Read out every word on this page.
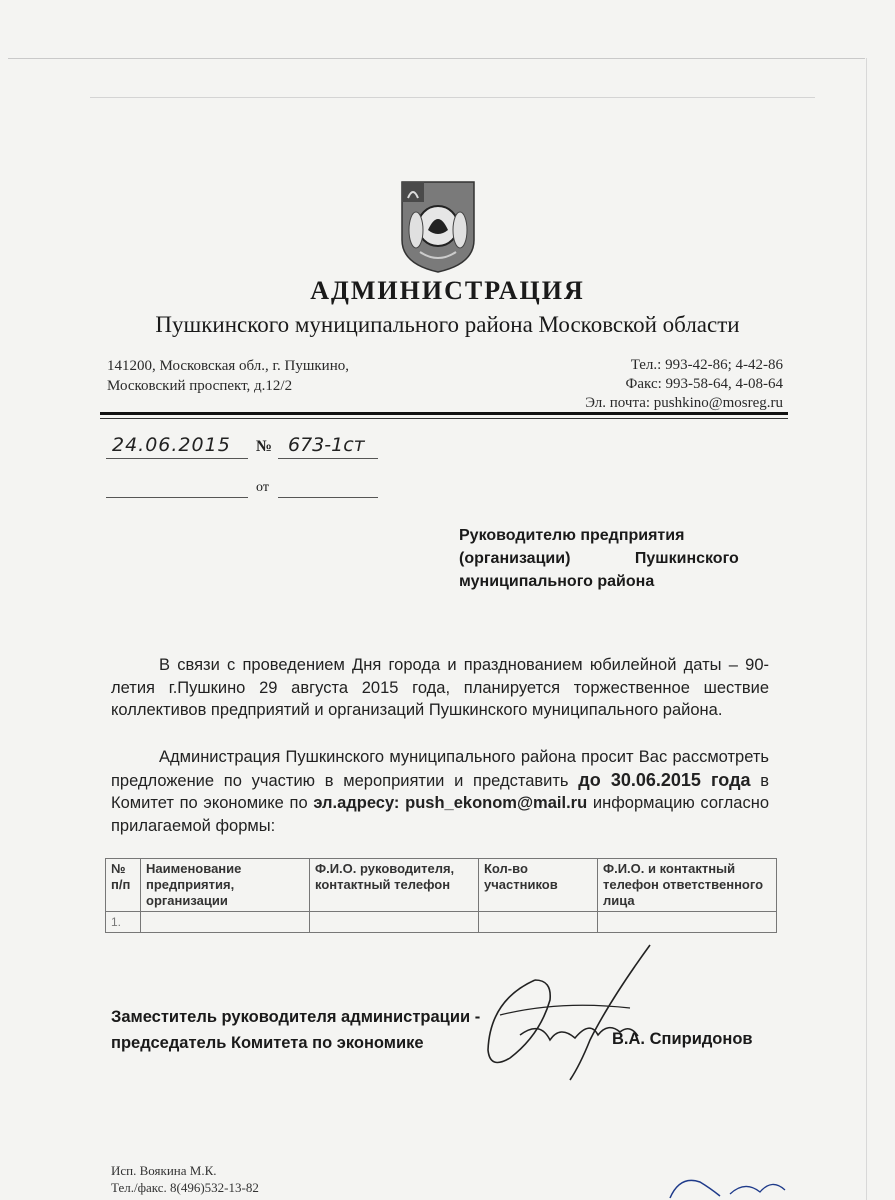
АДМИНИСТРАЦИЯ
Пушкинского муниципального района Московской области
141200, Московская обл., г. Пушкино,
Московский проспект, д.12/2
Тел.: 993-42-86; 4-42-86
Факс: 993-58-64, 4-08-64
Эл. почта: pushkino@mosreg.ru
24.06.2015 № 673-1ст
от
Руководителю предприятия
(организации) Пушкинского
муниципального района
В связи с проведением Дня города и празднованием юбилейной даты – 90-летия г.Пушкино 29 августа 2015 года, планируется торжественное шествие коллективов предприятий и организаций Пушкинского муниципального района.
Администрация Пушкинского муниципального района просит Вас рассмотреть предложение по участию в мероприятии и представить до 30.06.2015 года в Комитет по экономике по эл.адресу: push_ekonom@mail.ru информацию согласно прилагаемой формы:
№ п/п	Наименование предприятия, организации	Ф.И.О. руководителя, контактный телефон	Кол-во участников	Ф.И.О. и контактный телефон ответственного лица
1.				
Заместитель руководителя администрации -
председатель Комитета по экономике	В.А. Спиридонов
Исп. Воякина М.К.
Тел./факс. 8(496)532-13-82
